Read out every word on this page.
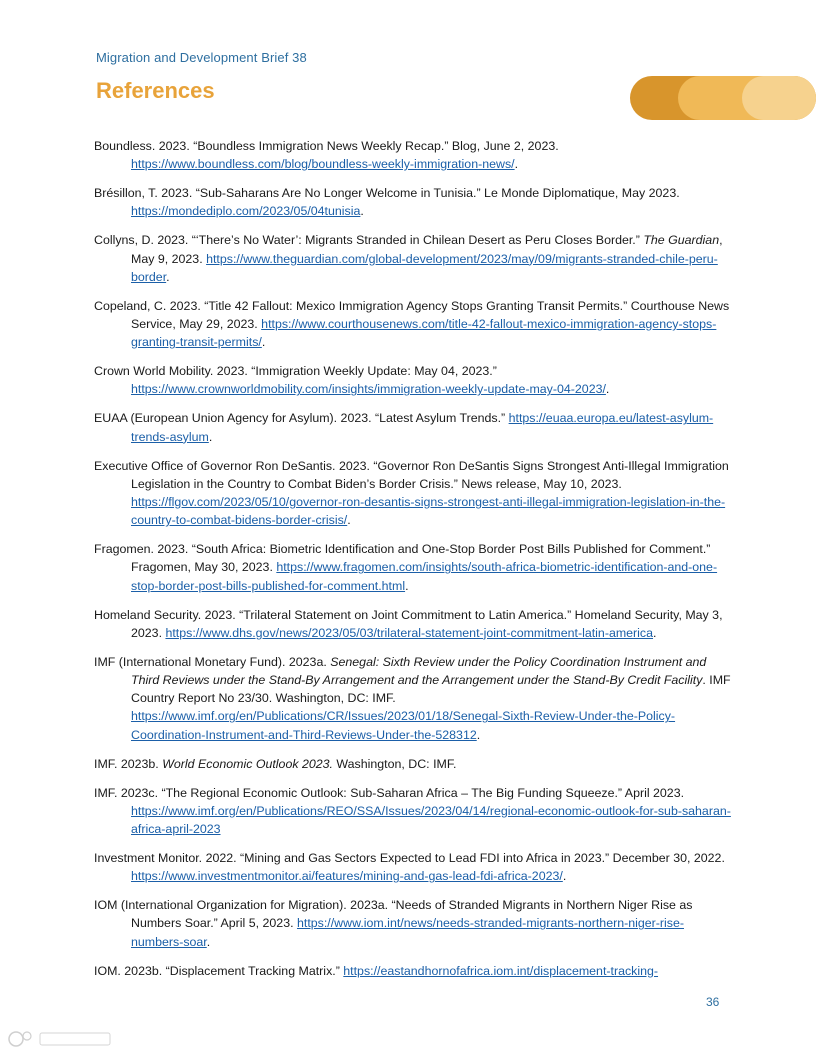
Migration and Development Brief 38
References

Boundless. 2023. “Boundless Immigration News Weekly Recap.” Blog, June 2, 2023. https://www.boundless.com/blog/boundless-weekly-immigration-news/.

Brésillon, T. 2023. “Sub-Saharans Are No Longer Welcome in Tunisia.” Le Monde Diplomatique, May 2023. https://mondediplo.com/2023/05/04tunisia.

Collyns, D. 2023. “‘There’s No Water’: Migrants Stranded in Chilean Desert as Peru Closes Border.” The Guardian, May 9, 2023. https://www.theguardian.com/global-development/2023/may/09/migrants-stranded-chile-peru-border.

Copeland, C. 2023. “Title 42 Fallout: Mexico Immigration Agency Stops Granting Transit Permits.” Courthouse News Service, May 29, 2023. https://www.courthousenews.com/title-42-fallout-mexico-immigration-agency-stops-granting-transit-permits/.

Crown World Mobility. 2023. “Immigration Weekly Update: May 04, 2023.” https://www.crownworldmobility.com/insights/immigration-weekly-update-may-04-2023/.

EUAA (European Union Agency for Asylum). 2023. “Latest Asylum Trends.” https://euaa.europa.eu/latest-asylum-trends-asylum.

Executive Office of Governor Ron DeSantis. 2023. “Governor Ron DeSantis Signs Strongest Anti-Illegal Immigration Legislation in the Country to Combat Biden’s Border Crisis.” News release, May 10, 2023. https://flgov.com/2023/05/10/governor-ron-desantis-signs-strongest-anti-illegal-immigration-legislation-in-the-country-to-combat-bidens-border-crisis/.

Fragomen. 2023. “South Africa: Biometric Identification and One-Stop Border Post Bills Published for Comment.” Fragomen, May 30, 2023. https://www.fragomen.com/insights/south-africa-biometric-identification-and-one-stop-border-post-bills-published-for-comment.html.

Homeland Security. 2023. “Trilateral Statement on Joint Commitment to Latin America.” Homeland Security, May 3, 2023. https://www.dhs.gov/news/2023/05/03/trilateral-statement-joint-commitment-latin-america.

IMF (International Monetary Fund). 2023a. Senegal: Sixth Review under the Policy Coordination Instrument and Third Reviews under the Stand-By Arrangement and the Arrangement under the Stand-By Credit Facility. IMF Country Report No 23/30. Washington, DC: IMF. https://www.imf.org/en/Publications/CR/Issues/2023/01/18/Senegal-Sixth-Review-Under-the-Policy-Coordination-Instrument-and-Third-Reviews-Under-the-528312.

IMF. 2023b. World Economic Outlook 2023. Washington, DC: IMF.

IMF. 2023c. “The Regional Economic Outlook: Sub-Saharan Africa – The Big Funding Squeeze.” April 2023. https://www.imf.org/en/Publications/REO/SSA/Issues/2023/04/14/regional-economic-outlook-for-sub-saharan-africa-april-2023

Investment Monitor. 2022. “Mining and Gas Sectors Expected to Lead FDI into Africa in 2023.” December 30, 2022. https://www.investmentmonitor.ai/features/mining-and-gas-lead-fdi-africa-2023/.

IOM (International Organization for Migration). 2023a. “Needs of Stranded Migrants in Northern Niger Rise as Numbers Soar.” April 5, 2023. https://www.iom.int/news/needs-stranded-migrants-northern-niger-rise-numbers-soar.

IOM. 2023b. “Displacement Tracking Matrix.” https://eastandhornofafrica.iom.int/displacement-tracking-

36
